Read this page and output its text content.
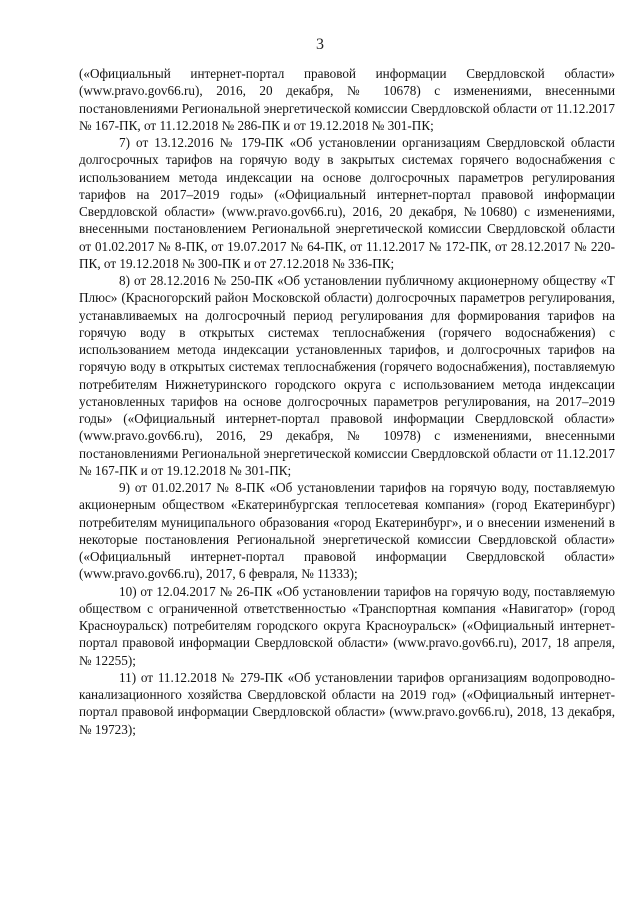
3

(«Официальный интернет-портал правовой информации Свердловской области» (www.pravo.gov66.ru), 2016, 20 декабря, № 10678) с изменениями, внесенными постановлениями Региональной энергетической комиссии Свердловской области от 11.12.2017 № 167-ПК, от 11.12.2018 № 286-ПК и от 19.12.2018 № 301-ПК;

7) от 13.12.2016 № 179-ПК «Об установлении организациям Свердловской области долгосрочных тарифов на горячую воду в закрытых системах горячего водоснабжения с использованием метода индексации на основе долгосрочных параметров регулирования тарифов на 2017–2019 годы» («Официальный интернет-портал правовой информации Свердловской области» (www.pravo.gov66.ru), 2016, 20 декабря, №10680) с изменениями, внесенными постановлением Региональной энергетической комиссии Свердловской области от 01.02.2017 № 8-ПК, от 19.07.2017 № 64-ПК, от 11.12.2017 № 172-ПК, от 28.12.2017 № 220-ПК, от 19.12.2018 № 300-ПК и от 27.12.2018 № 336-ПК;

8) от 28.12.2016 № 250-ПК «Об установлении публичному акционерному обществу «Т Плюс» (Красногорский район Московской области) долгосрочных параметров регулирования, устанавливаемых на долгосрочный период регулирования для формирования тарифов на горячую воду в открытых системах теплоснабжения (горячего водоснабжения) с использованием метода индексации установленных тарифов, и долгосрочных тарифов на горячую воду в открытых системах теплоснабжения (горячего водоснабжения), поставляемую потребителям Нижнетуринского городского округа с использованием метода индексации установленных тарифов на основе долгосрочных параметров регулирования, на 2017–2019 годы» («Официальный интернет-портал правовой информации Свердловской области» (www.pravo.gov66.ru), 2016, 29 декабря, № 10978) с изменениями, внесенными постановлениями Региональной энергетической комиссии Свердловской области от 11.12.2017 № 167-ПК и от 19.12.2018 № 301-ПК;

9) от 01.02.2017 № 8-ПК «Об установлении тарифов на горячую воду, поставляемую акционерным обществом «Екатеринбургская теплосетевая компания» (город Екатеринбург) потребителям муниципального образования «город Екатеринбург», и о внесении изменений в некоторые постановления Региональной энергетической комиссии Свердловской области» («Официальный интернет-портал правовой информации Свердловской области» (www.pravo.gov66.ru), 2017, 6 февраля, № 11333);

10) от 12.04.2017 № 26-ПК «Об установлении тарифов на горячую воду, поставляемую обществом с ограниченной ответственностью «Транспортная компания «Навигатор» (город Красноуральск) потребителям городского округа Красноуральск» («Официальный интернет-портал правовой информации Свердловской области» (www.pravo.gov66.ru), 2017, 18 апреля, № 12255);

11) от 11.12.2018 № 279-ПК «Об установлении тарифов организациям водопроводно-канализационного хозяйства Свердловской области на 2019 год» («Официальный интернет-портал правовой информации Свердловской области» (www.pravo.gov66.ru), 2018, 13 декабря, № 19723);
